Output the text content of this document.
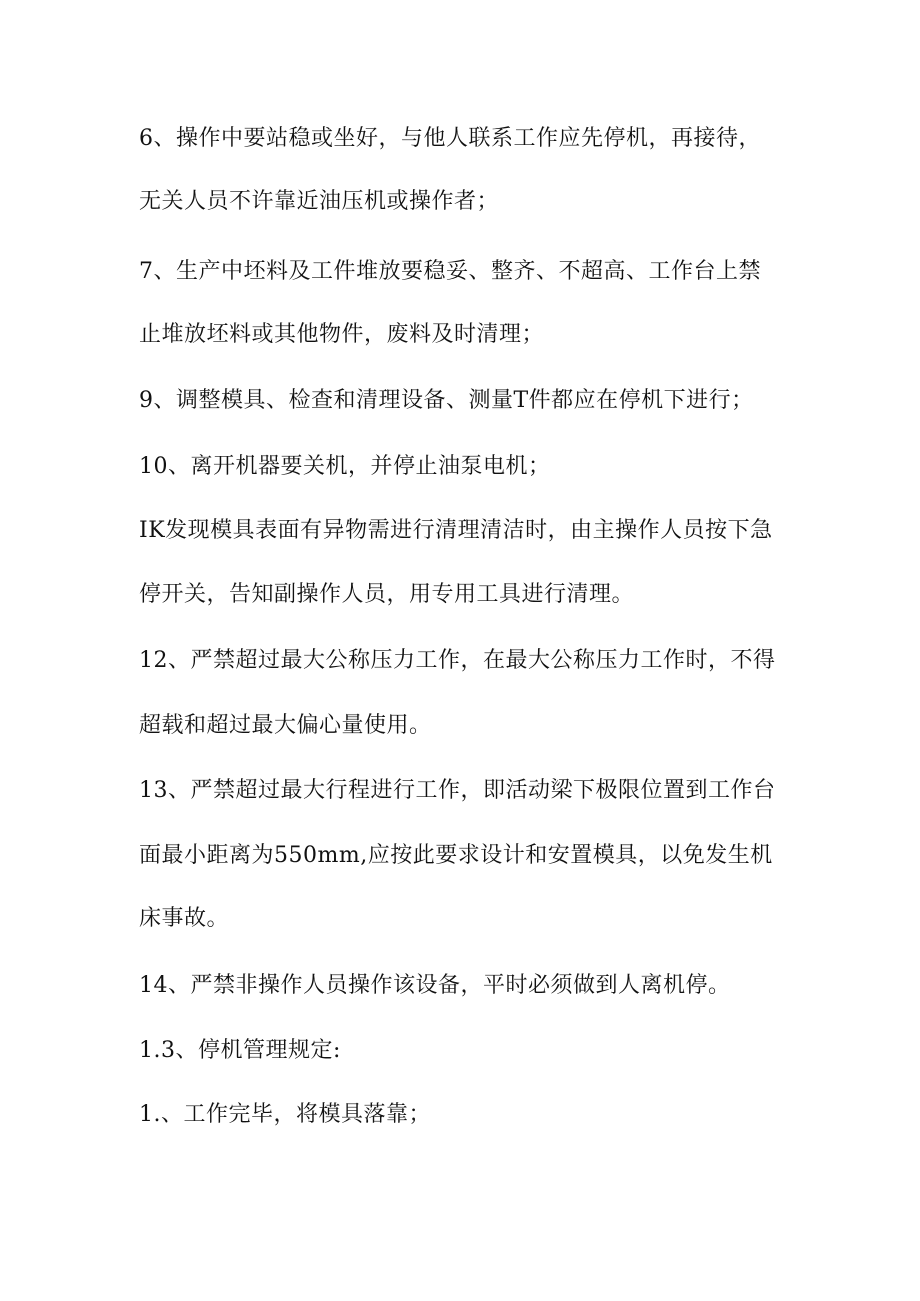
6、操作中要站稳或坐好，与他人联系工作应先停机，再接待，
无关人员不许靠近油压机或操作者；
7、生产中坯料及工件堆放要稳妥、整齐、不超高、工作台上禁
止堆放坯料或其他物件，废料及时清理；
9、调整模具、检查和清理设备、测量T件都应在停机下进行；
10、离开机器要关机，并停止油泵电机；
IK发现模具表面有异物需进行清理清洁时，由主操作人员按下急
停开关，告知副操作人员，用专用工具进行清理。
12、严禁超过最大公称压力工作，在最大公称压力工作时，不得
超载和超过最大偏心量使用。
13、严禁超过最大行程进行工作，即活动梁下极限位置到工作台
面最小距离为550mm,应按此要求设计和安置模具，以免发生机
床事故。
14、严禁非操作人员操作该设备，平时必须做到人离机停。
1.3、停机管理规定:
1.、工作完毕，将模具落靠；
